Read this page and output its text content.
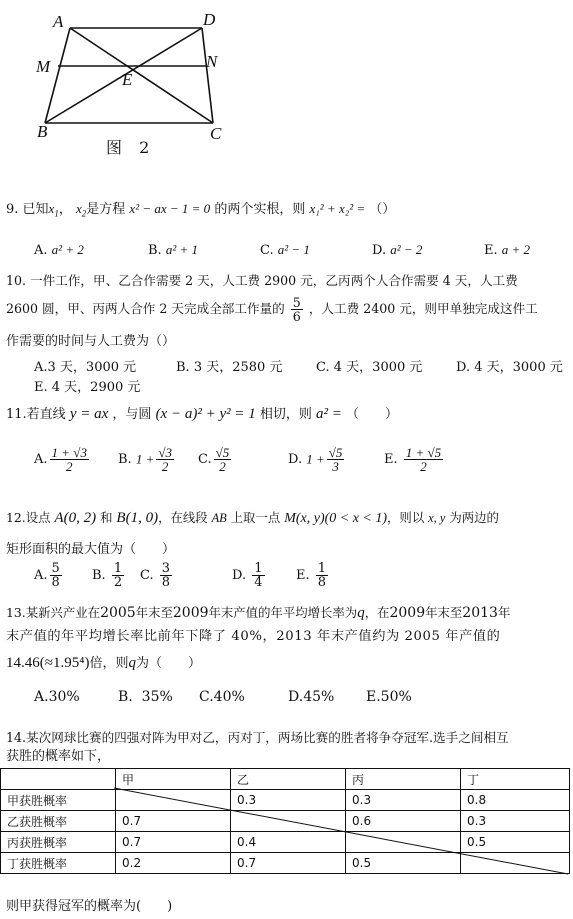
A	D
M	N
E
B	C
图 2
9. 已知$x_1$， $x_2$是方程 x² − ax − 1 = 0 的两个实根，则 x₁² + x₂² = （）
A. a² + 2	B. a² + 1	C. a² − 1	D. a² − 2	E. a + 2
10. 一件工作，甲、乙合作需要 2 天，人工费 2900 元，乙丙两个人合作需要 4 天，人工费
2600 圆，甲、丙两人合作 2 天完成全部工作量的 $\frac{5}{6}$ ，人工费 2400 元，则甲单独完成这件工
作需要的时间与人工费为（）
A.3 天，3000 元	B. 3 天，2580 元	C. 4 天，3000 元	D. 4 天，3000 元
E. 4 天，2900 元
11.若直线 y = ax ，与圆 (x − a)² + y² = 1 相切，则 a² = （　　）
A. $\frac{1 + √3}{2} B$. $1 + \frac{√3}{2} C$. $\frac{√5}{2}$	D. $1 + \frac{√5}{3}$	E. $\frac{1 + √5}{2}$
12.设点 A(0, 2) 和 B(1, 0)，在线段 AB 上取一点 M(x, y)(0 < x < 1)，则以 x, y 为两边的
矩形面积的最大值为（　　）
A. $\frac{5}{8} B$. $\frac{1}{2} C$. $\frac{3}{8}$	D. $\frac{1}{4} E$. $\frac{1}{8}$
13.某新兴产业在2005年末至2009年末产值的年平均增长率为q，在2009年末至2013年
末产值的年平均增长率比前年下降了 40%，2013 年末产值约为 2005 年产值的
14.46(≈1.95⁴)倍，则q为（　　）
A.30%	B. 35% C.40%	D.45% E.50%
14.某次网球比赛的四强对阵为甲对乙，丙对丁，两场比赛的胜者将争夺冠军.选手之间相互
获胜的概率如下，
	甲	乙	丙	丁
甲获胜概率		0.3	0.3	0.8
乙获胜概率	0.7		0.6	0.3
丙获胜概率	0.7	0.4		0.5
丁获胜概率	0.2	0.7	0.5	
则甲获得冠军的概率为(　　)
